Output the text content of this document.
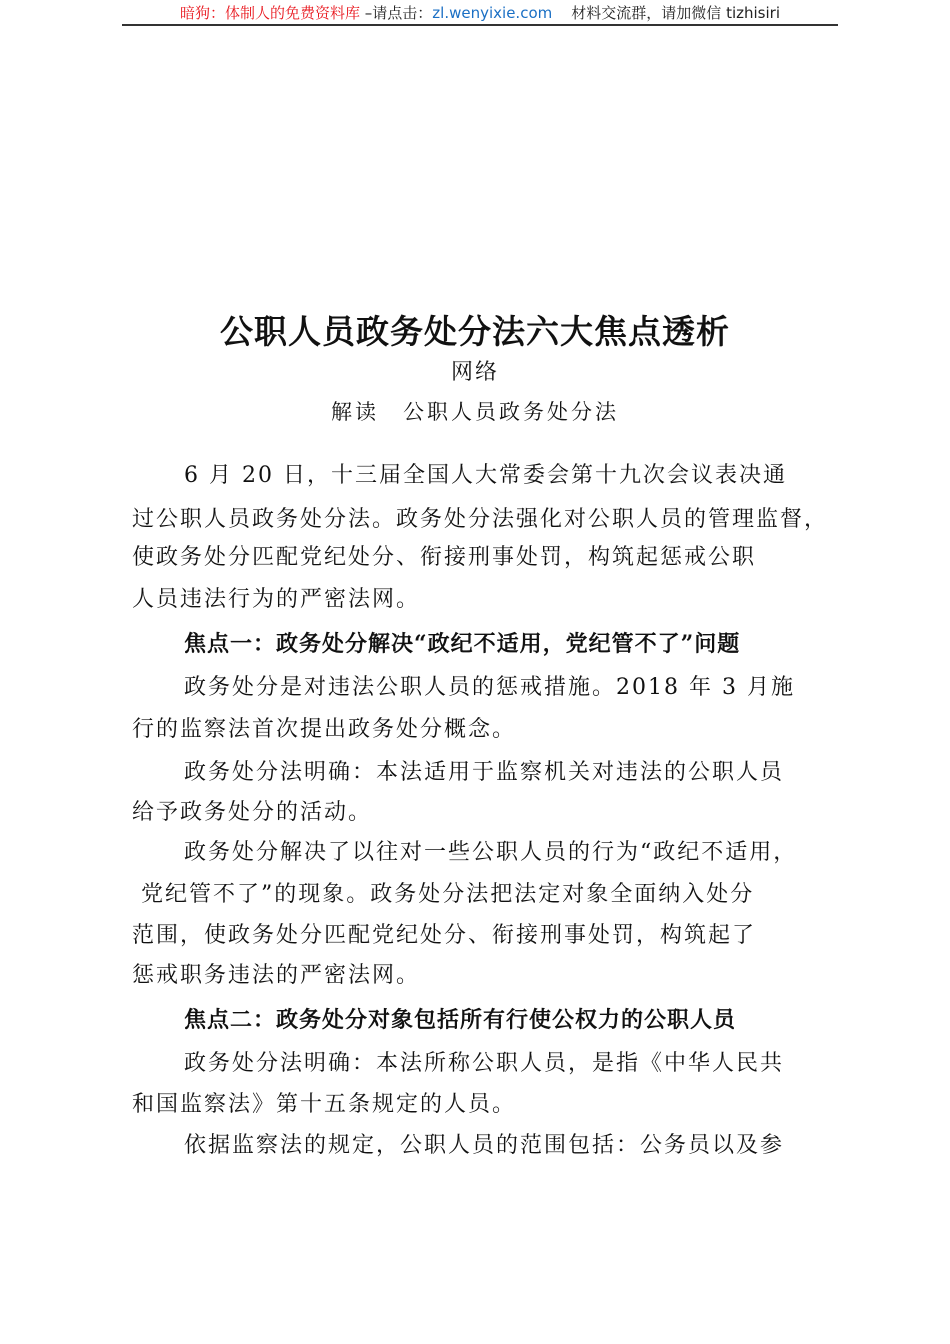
暗狗：体制人的免费资料库 –请点击：zl.wenyixie.com    材料交流群，请加微信 tizhisiri
公职人员政务处分法六大焦点透析
网络
解读　公职人员政务处分法
6 月 20 日，十三届全国人大常委会第十九次会议表决通
过公职人员政务处分法。政务处分法强化对公职人员的管理监督，
使政务处分匹配党纪处分、衔接刑事处罚，构筑起惩戒公职
人员违法行为的严密法网。
焦点一：政务处分解决“政纪不适用，党纪管不了”问题
政务处分是对违法公职人员的惩戒措施。2018 年 3 月施
行的监察法首次提出政务处分概念。
政务处分法明确：本法适用于监察机关对违法的公职人员
给予政务处分的活动。
政务处分解决了以往对一些公职人员的行为“政纪不适用，
党纪管不了”的现象。政务处分法把法定对象全面纳入处分
范围，使政务处分匹配党纪处分、衔接刑事处罚，构筑起了
惩戒职务违法的严密法网。
焦点二：政务处分对象包括所有行使公权力的公职人员
政务处分法明确：本法所称公职人员，是指《中华人民共
和国监察法》第十五条规定的人员。
依据监察法的规定，公职人员的范围包括：公务员以及参
